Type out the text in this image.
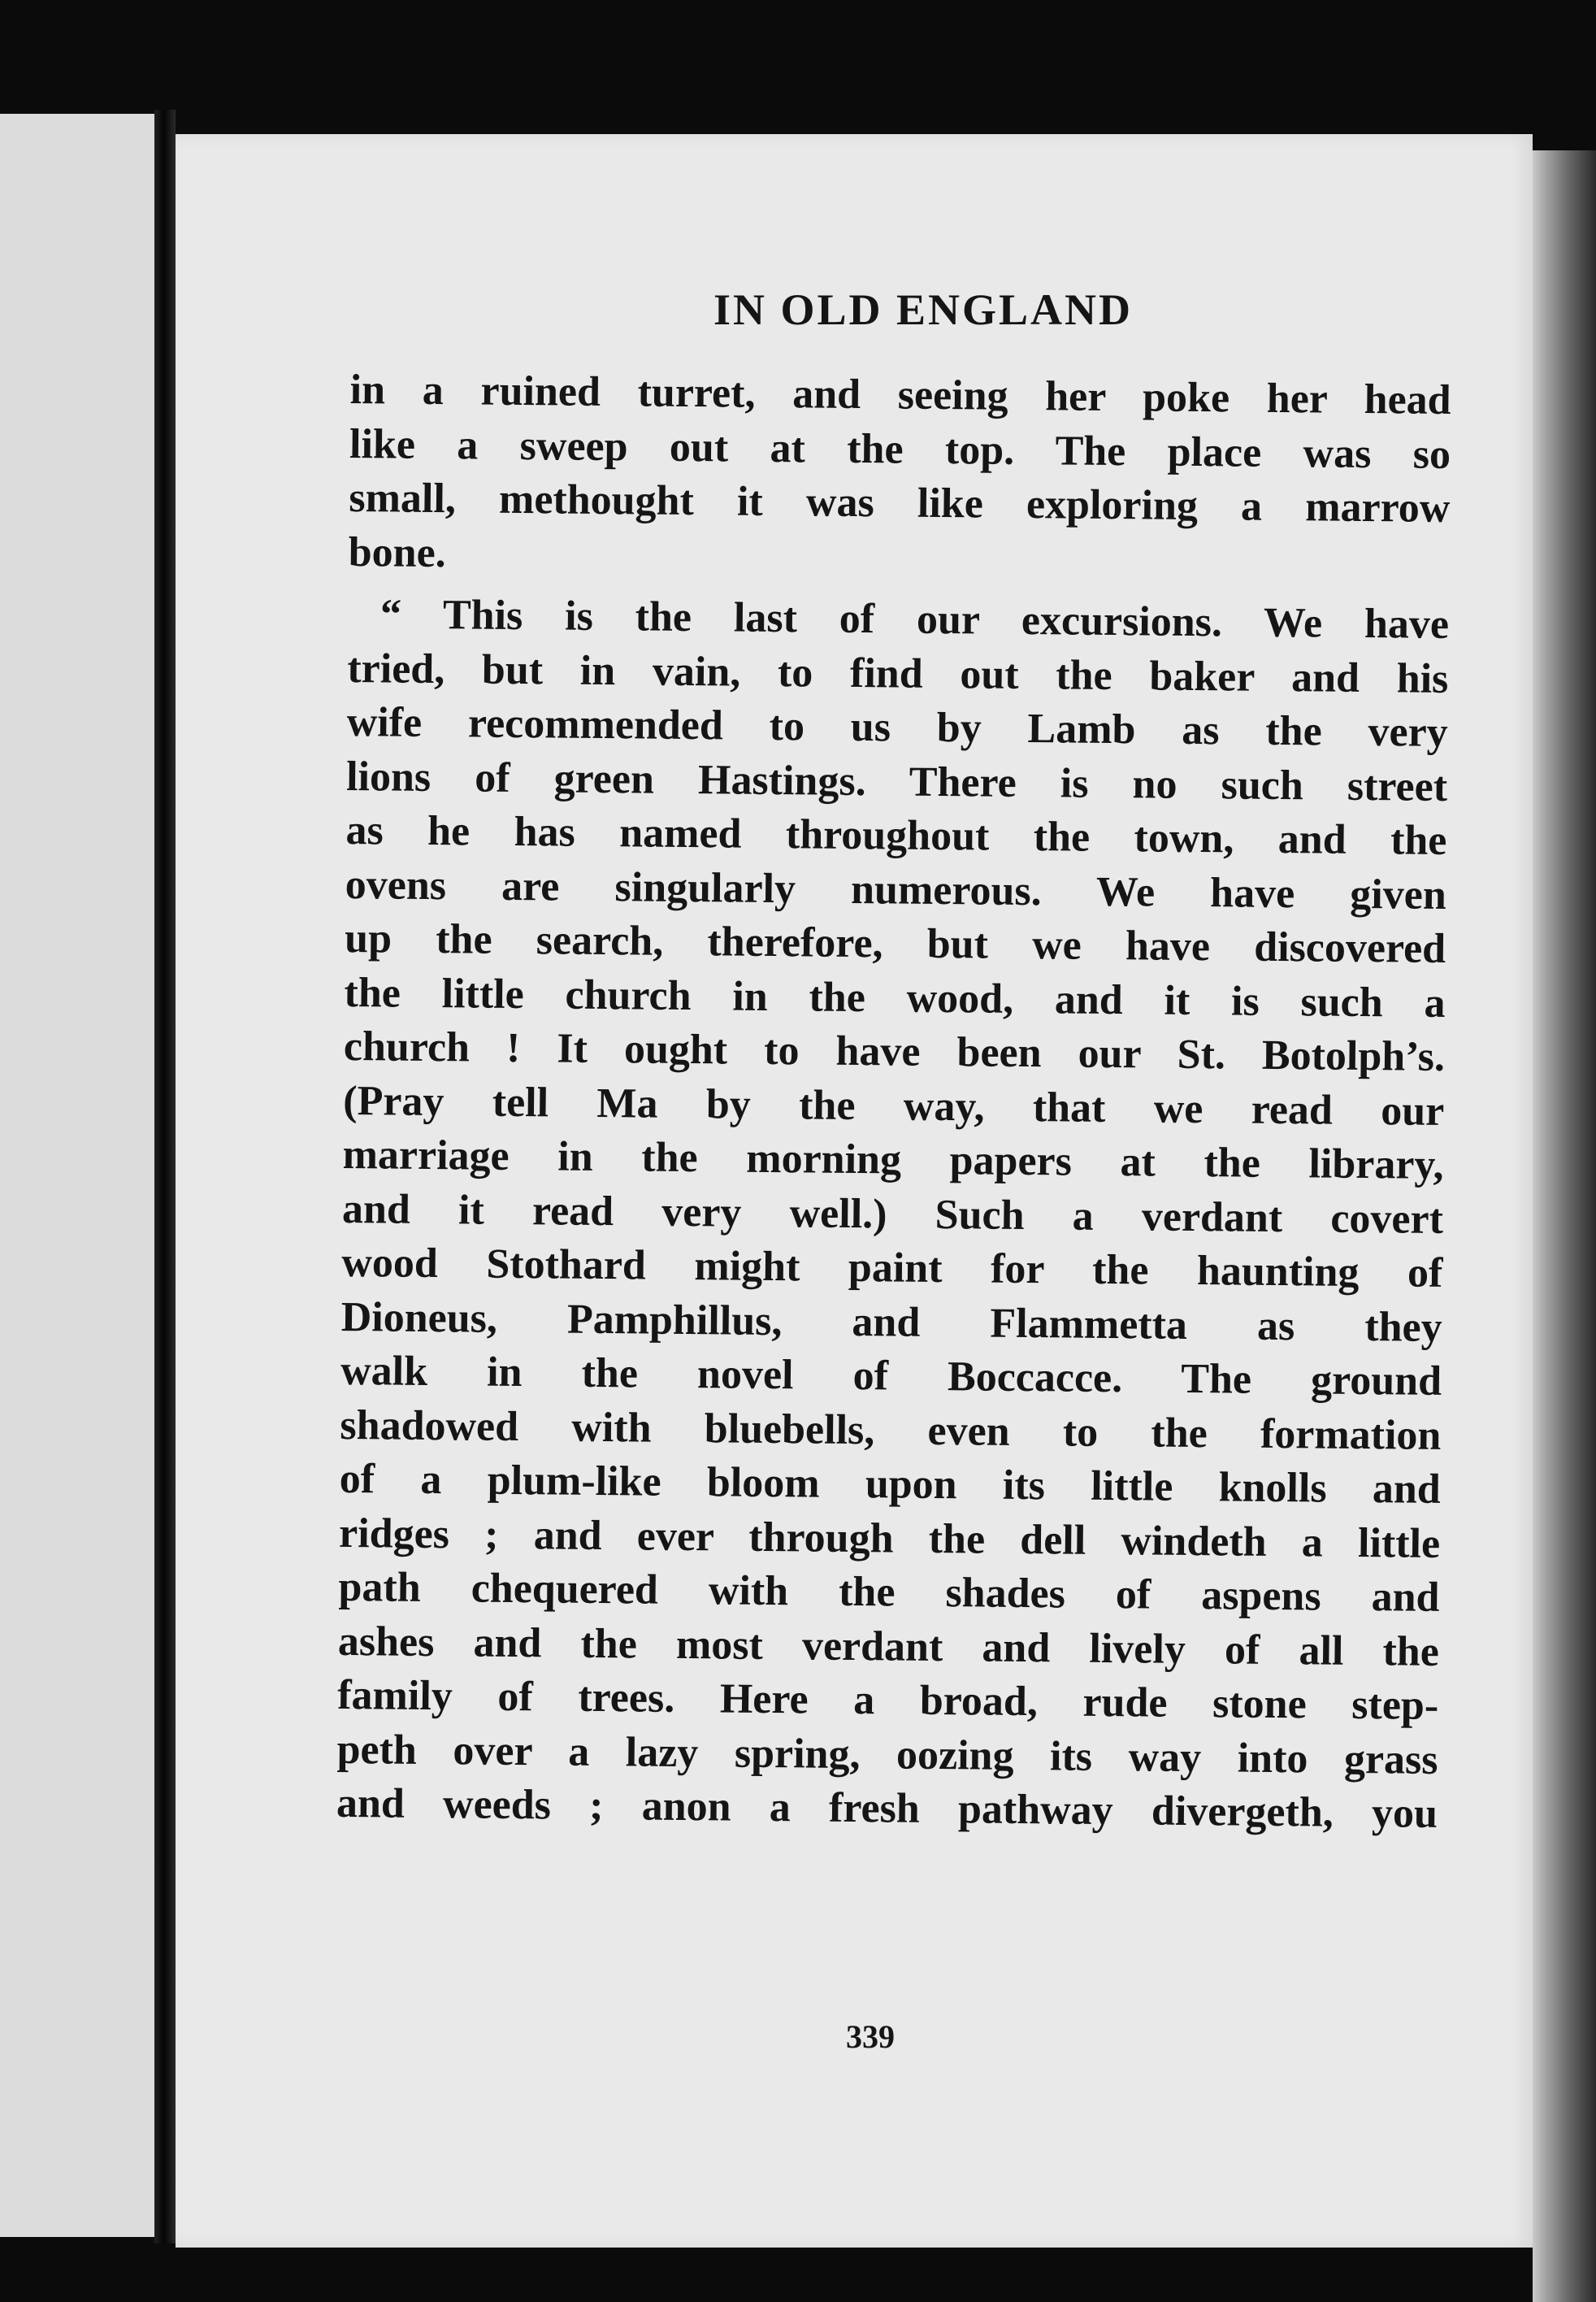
IN OLD ENGLAND

in a ruined turret, and seeing her poke her head
like a sweep out at the top. The place was so
small, methought it was like exploring a marrow
bone.

“ This is the last of our excursions. We have
tried, but in vain, to find out the baker and his
wife recommended to us by Lamb as the very
lions of green Hastings. There is no such street
as he has named throughout the town, and the
ovens are singularly numerous. We have given
up the search, therefore, but we have discovered
the little church in the wood, and it is such a
church ! It ought to have been our St. Botolph’s.
(Pray tell Ma by the way, that we read our
marriage in the morning papers at the library,
and it read very well.) Such a verdant covert
wood Stothard might paint for the haunting of
Dioneus, Pamphillus, and Flammetta as they
walk in the novel of Boccacce. The ground
shadowed with bluebells, even to the formation
of a plum-like bloom upon its little knolls and
ridges ; and ever through the dell windeth a little
path chequered with the shades of aspens and
ashes and the most verdant and lively of all the
family of trees. Here a broad, rude stone step-
peth over a lazy spring, oozing its way into grass
and weeds ; anon a fresh pathway divergeth, you

339
